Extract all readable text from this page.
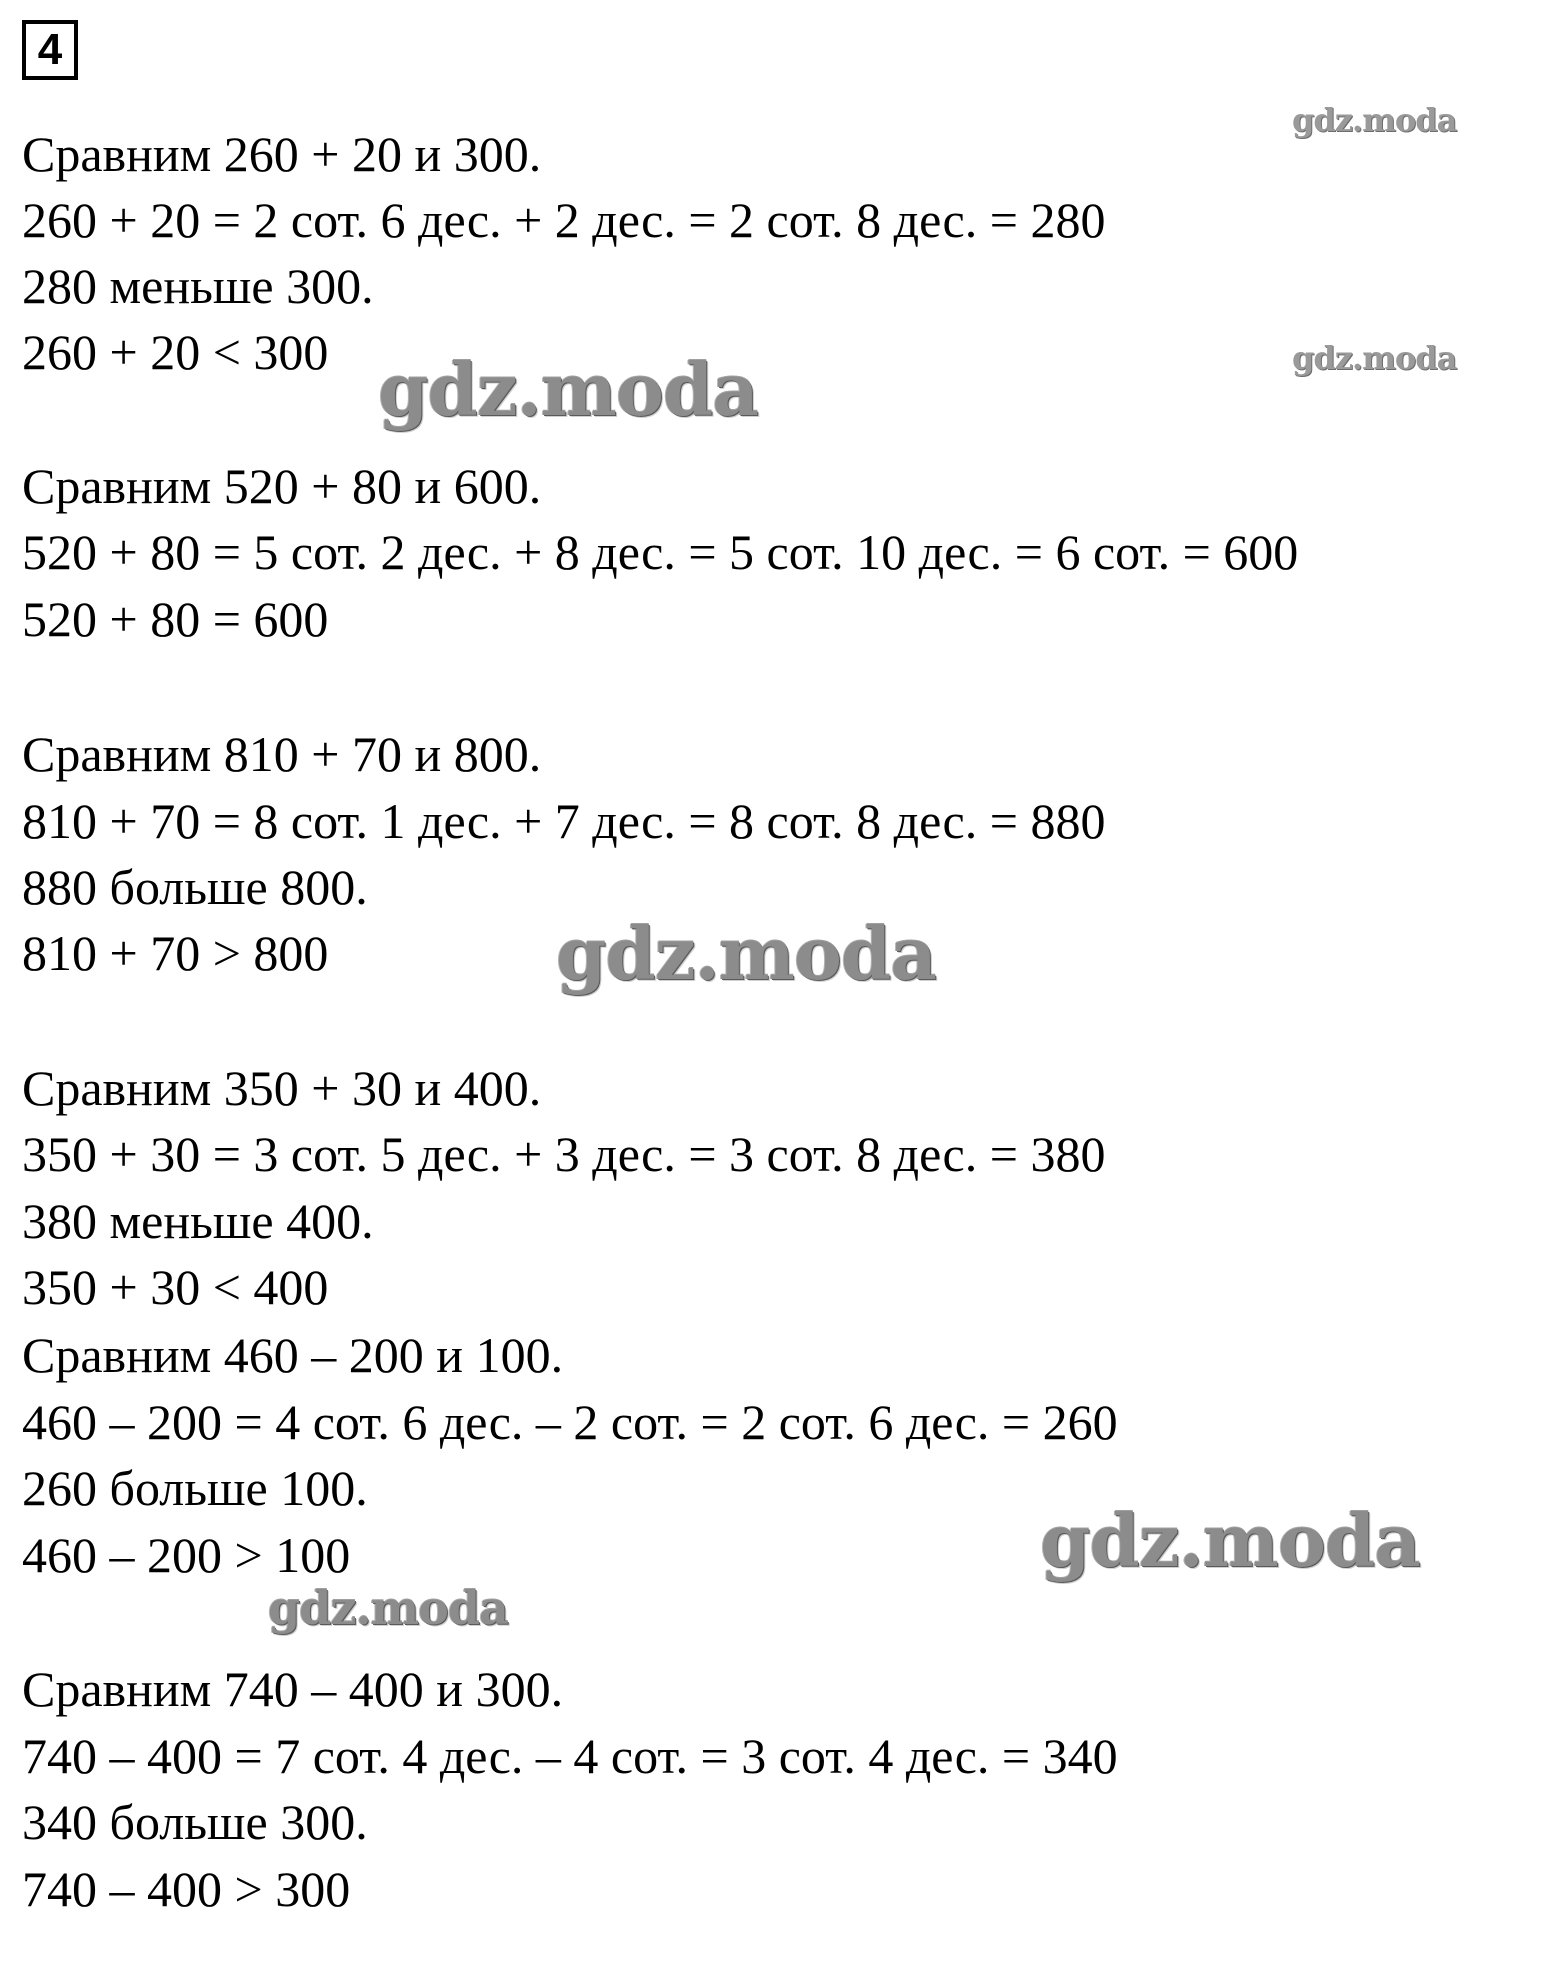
4
Сравним 260 + 20 и 300.
260 + 20 = 2 сот. 6 дес. + 2 дес. = 2 сот. 8 дес. = 280
280 меньше 300.
260 + 20 < 300
Сравним 520 + 80 и 600.
520 + 80 = 5 сот. 2 дес. + 8 дес. = 5 сот. 10 дес. = 6 сот. = 600
520 + 80 = 600
Сравним 810 + 70 и 800.
810 + 70 = 8 сот. 1 дес. + 7 дес. = 8 сот. 8 дес. = 880
880 больше 800.
810 + 70 > 800
Сравним 350 + 30 и 400.
350 + 30 = 3 сот. 5 дес. + 3 дес. = 3 сот. 8 дес. = 380
380 меньше 400.
350 + 30 < 400
Сравним 460 – 200 и 100.
460 – 200 = 4 сот. 6 дес. – 2 сот. = 2 сот. 6 дес. = 260
260 больше 100.
460 – 200 > 100
Сравним 740 – 400 и 300.
740 – 400 = 7 сот. 4 дес. – 4 сот. = 3 сот. 4 дес. = 340
340 больше 300.
740 – 400 > 300
gdz.moda
gdz.moda
gdz.moda
gdz.moda
gdz.moda
gdz.moda
